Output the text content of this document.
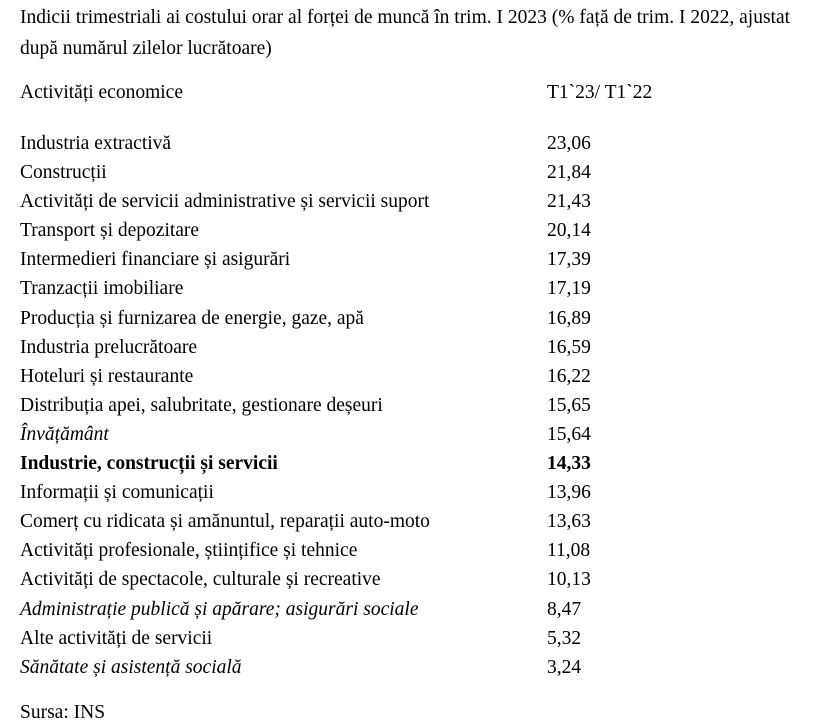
Indicii trimestriali ai costului orar al forței de muncă în trim. I 2023 (% față de trim. I 2022, ajustat după numărul zilelor lucrătoare)

Activități economice	T1`23/ T1`22
Industria extractivă	23,06
Construcții	21,84
Activități de servicii administrative și servicii suport	21,43
Transport și depozitare	20,14
Intermedieri financiare și asigurări	17,39
Tranzacții imobiliare	17,19
Producția și furnizarea de energie, gaze, apă	16,89
Industria prelucrătoare	16,59
Hoteluri și restaurante	16,22
Distribuția apei, salubritate, gestionare deșeuri	15,65
Învățământ	15,64
Industrie, construcții și servicii	14,33
Informații și comunicații	13,96
Comerț cu ridicata și amănuntul, reparații auto-moto	13,63
Activități profesionale, științifice și tehnice	11,08
Activități de spectacole, culturale și recreative	10,13
Administrație publică și apărare; asigurări sociale	8,47
Alte activități de servicii	5,32
Sănătate și asistență socială	3,24
Sursa: INS
